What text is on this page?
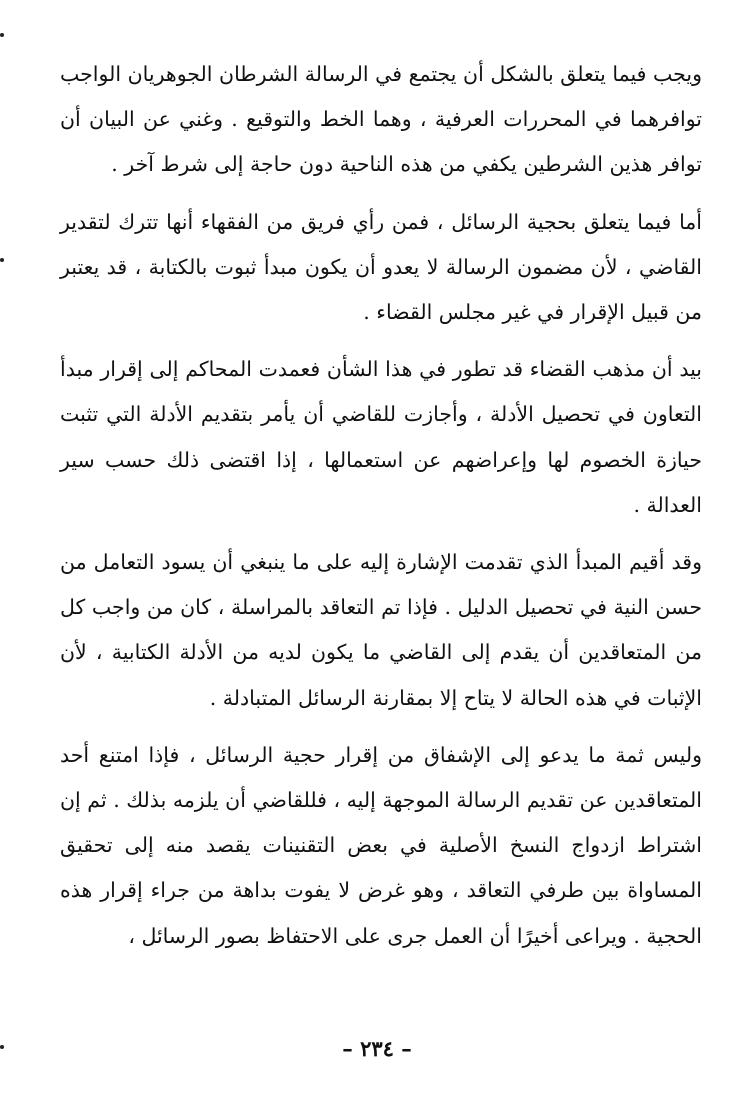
ويجب فيما يتعلق بالشكل أن يجتمع في الرسالة الشرطان الجوهريان الواجب توافرهما في المحررات العرفية ، وهما الخط والتوقيع . وغني عن البيان أن توافر هذين الشرطين يكفي من هذه الناحية دون حاجة إلى شرط آخر .

أما فيما يتعلق بحجية الرسائل ، فمن رأي فريق من الفقهاء أنها تترك لتقدير القاضي ، لأن مضمون الرسالة لا يعدو أن يكون مبدأ ثبوت بالكتابة ، قد يعتبر من قبيل الإقرار في غير مجلس القضاء .

بيد أن مذهب القضاء قد تطور في هذا الشأن فعمدت المحاكم إلى إقرار مبدأ التعاون في تحصيل الأدلة ، وأجازت للقاضي أن يأمر بتقديم الأدلة التي تثبت حيازة الخصوم لها وإعراضهم عن استعمالها ، إذا اقتضى ذلك حسب سير العدالة .

وقد أقيم المبدأ الذي تقدمت الإشارة إليه على ما ينبغي أن يسود التعامل من حسن النية في تحصيل الدليل . فإذا تم التعاقد بالمراسلة ، كان من واجب كل من المتعاقدين أن يقدم إلى القاضي ما يكون لديه من الأدلة الكتابية ، لأن الإثبات في هذه الحالة لا يتاح إلا بمقارنة الرسائل المتبادلة .

وليس ثمة ما يدعو إلى الإشفاق من إقرار حجية الرسائل ، فإذا امتنع أحد المتعاقدين عن تقديم الرسالة الموجهة إليه ، فللقاضي أن يلزمه بذلك . ثم إن اشتراط ازدواج النسخ الأصلية في بعض التقنينات يقصد منه إلى تحقيق المساواة بين طرفي التعاقد ، وهو غرض لا يفوت بداهة من جراء إقرار هذه الحجية . ويراعى أخيرًا أن العمل جرى على الاحتفاظ بصور الرسائل ،

– ٢٣٤ –
